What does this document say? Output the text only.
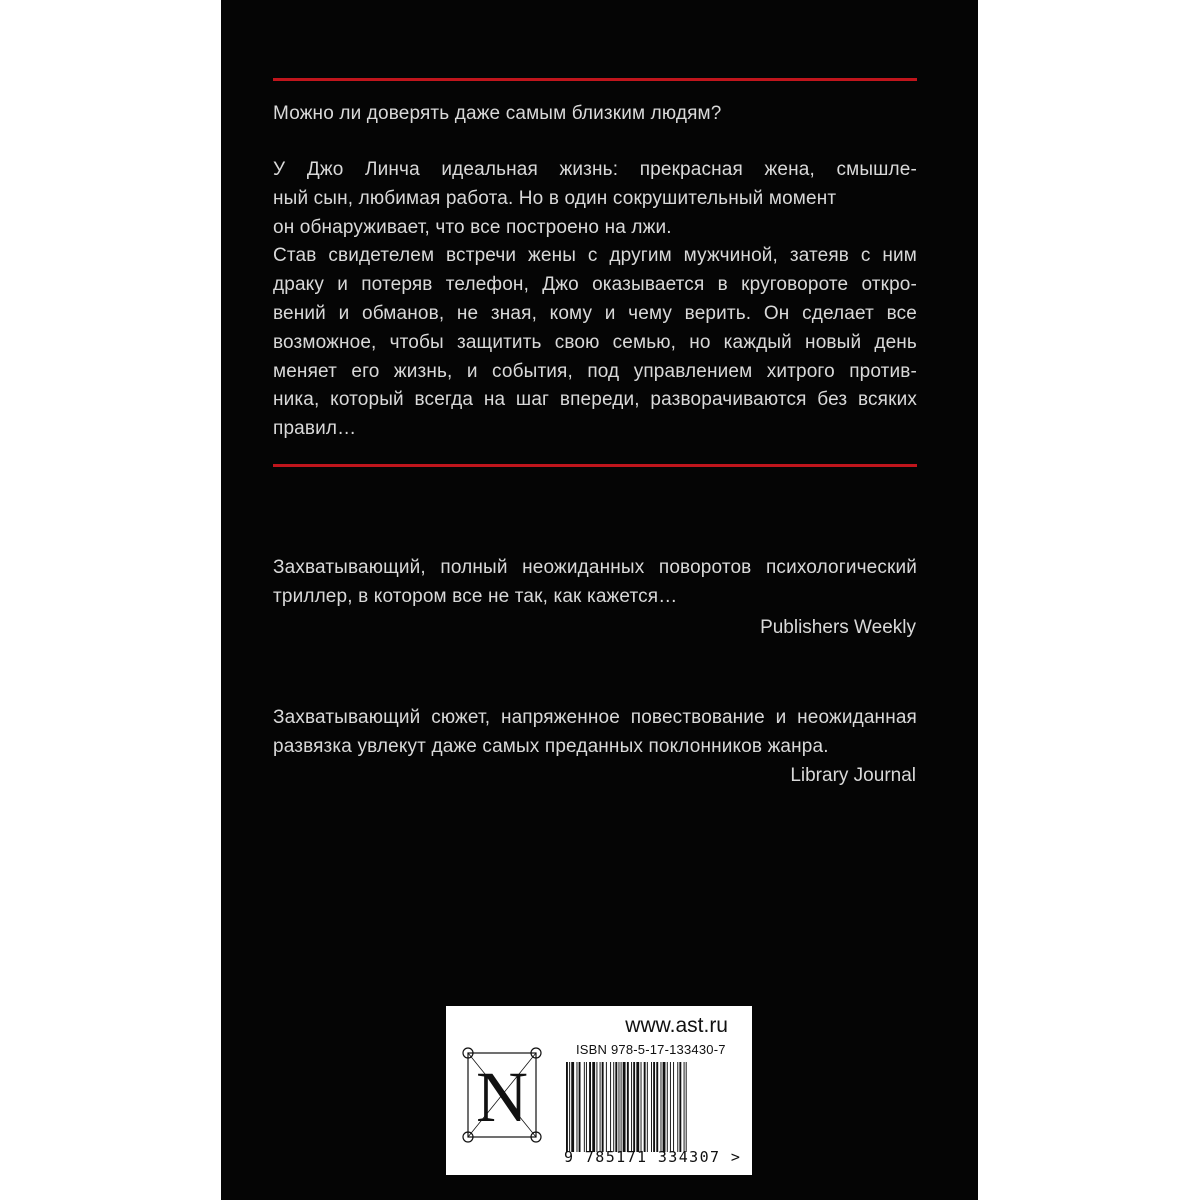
Можно ли доверять даже самым близким людям?
У Джо Линча идеальная жизнь: прекрасная жена, смышле-
ный сын, любимая работа. Но в один сокрушительный момент
он обнаруживает, что все построено на лжи.
Став свидетелем встречи жены с другим мужчиной, затеяв с ним
драку и потеряв телефон, Джо оказывается в круговороте откро-
вений и обманов, не зная, кому и чему верить. Он сделает все
возможное, чтобы защитить свою семью, но каждый новый день
меняет его жизнь, и события, под управлением хитрого против-
ника, который всегда на шаг впереди, разворачиваются без всяких
правил…
Захватывающий, полный неожиданных поворотов психологический
триллер, в котором все не так, как кажется…
Publishers Weekly
Захватывающий сюжет, напряженное повествование и неожиданная
развязка увлекут даже самых преданных поклонников жанра.
Library Journal
www.ast.ru
ISBN 978-5-17-133430-7
N
9 785171 334307 >
